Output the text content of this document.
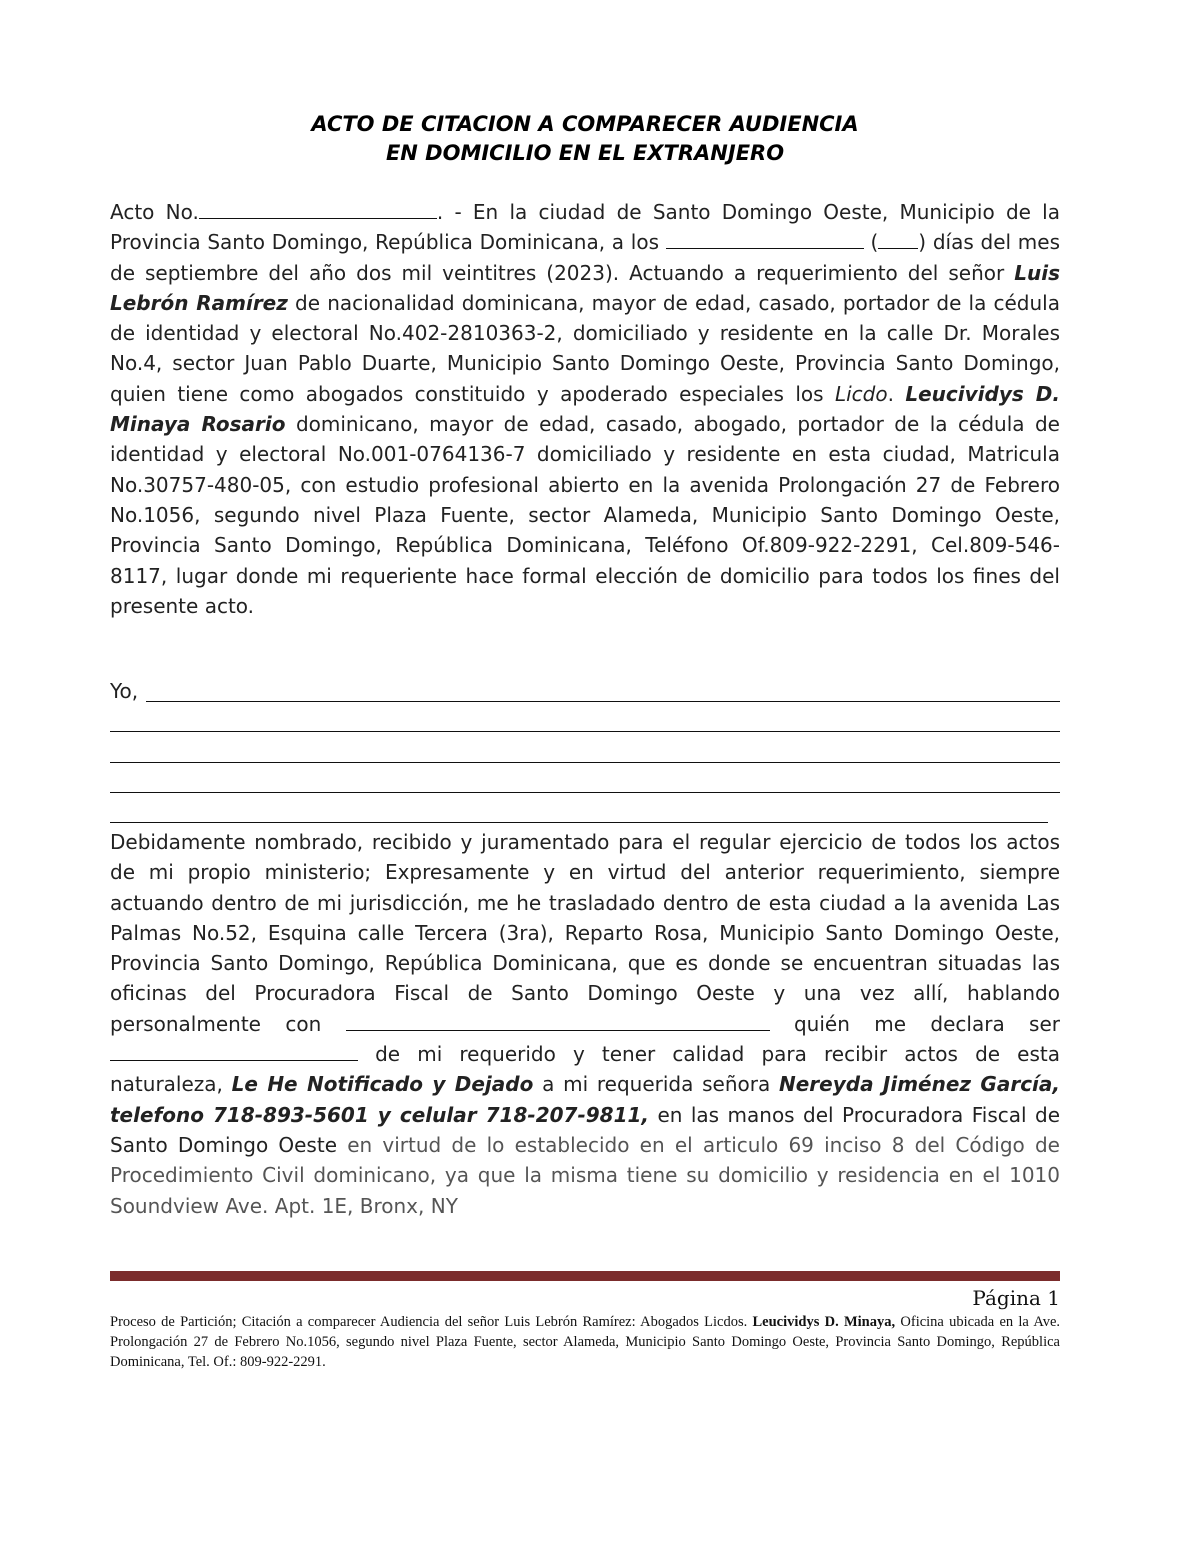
ACTO DE CITACION A COMPARECER AUDIENCIA
EN DOMICILIO EN EL EXTRANJERO
Acto No.	. - En la ciudad de Santo Domingo Oeste, Municipio de la Provincia Santo Domingo, República Dominicana, a los	( ) días del mes de septiembre del año dos mil veintitres (2023). Actuando a requerimiento del señor Luis Lebrón Ramírez de nacionalidad dominicana, mayor de edad, casado, portador de la cédula de identidad y electoral No.402-2810363-2, domiciliado y residente en la calle Dr. Morales No.4, sector Juan Pablo Duarte, Municipio Santo Domingo Oeste, Provincia Santo Domingo, quien tiene como abogados constituido y apoderado especiales los Licdo. Leucividys D. Minaya Rosario dominicano, mayor de edad, casado, abogado, portador de la cédula de identidad y electoral No.001-0764136-7 domiciliado y residente en esta ciudad, Matricula No.30757-480-05, con estudio profesional abierto en la avenida Prolongación 27 de Febrero No.1056, segundo nivel Plaza Fuente, sector Alameda, Municipio Santo Domingo Oeste, Provincia Santo Domingo, República Dominicana, Teléfono Of.809-922-2291, Cel.809-546-8117, lugar donde mi requeriente hace formal elección de domicilio para todos los fines del presente acto.
Yo,
Debidamente nombrado, recibido y juramentado para el regular ejercicio de todos los actos de mi propio ministerio; Expresamente y en virtud del anterior requerimiento, siempre actuando dentro de mi jurisdicción, me he trasladado dentro de esta ciudad a la avenida Las Palmas No.52, Esquina calle Tercera (3ra), Reparto Rosa, Municipio Santo Domingo Oeste, Provincia Santo Domingo, República Dominicana, que es donde se encuentran situadas las oficinas del Procuradora Fiscal de Santo Domingo Oeste y una vez allí, hablando personalmente con	quién me declara ser  de mi requerido y tener calidad para recibir actos de esta naturaleza, Le He Notificado y Dejado a mi requerida señora Nereyda Jiménez García, telefono 718-893-5601 y celular 718-207-9811, en las manos del Procuradora Fiscal de Santo Domingo Oeste en virtud de lo establecido en el articulo 69 inciso 8 del Código de Procedimiento Civil dominicano, ya que la misma tiene su domicilio y residencia en el 1010 Soundview Ave. Apt. 1E, Bronx, NY
Página 1
Proceso de Partición; Citación a comparecer Audiencia del señor Luis Lebrón Ramírez: Abogados Licdos. Leucividys D. Minaya, Oficina ubicada en la Ave. Prolongación 27 de Febrero No.1056, segundo nivel Plaza Fuente, sector Alameda, Municipio Santo Domingo Oeste, Provincia Santo Domingo, República Dominicana, Tel. Of.: 809-922-2291.
